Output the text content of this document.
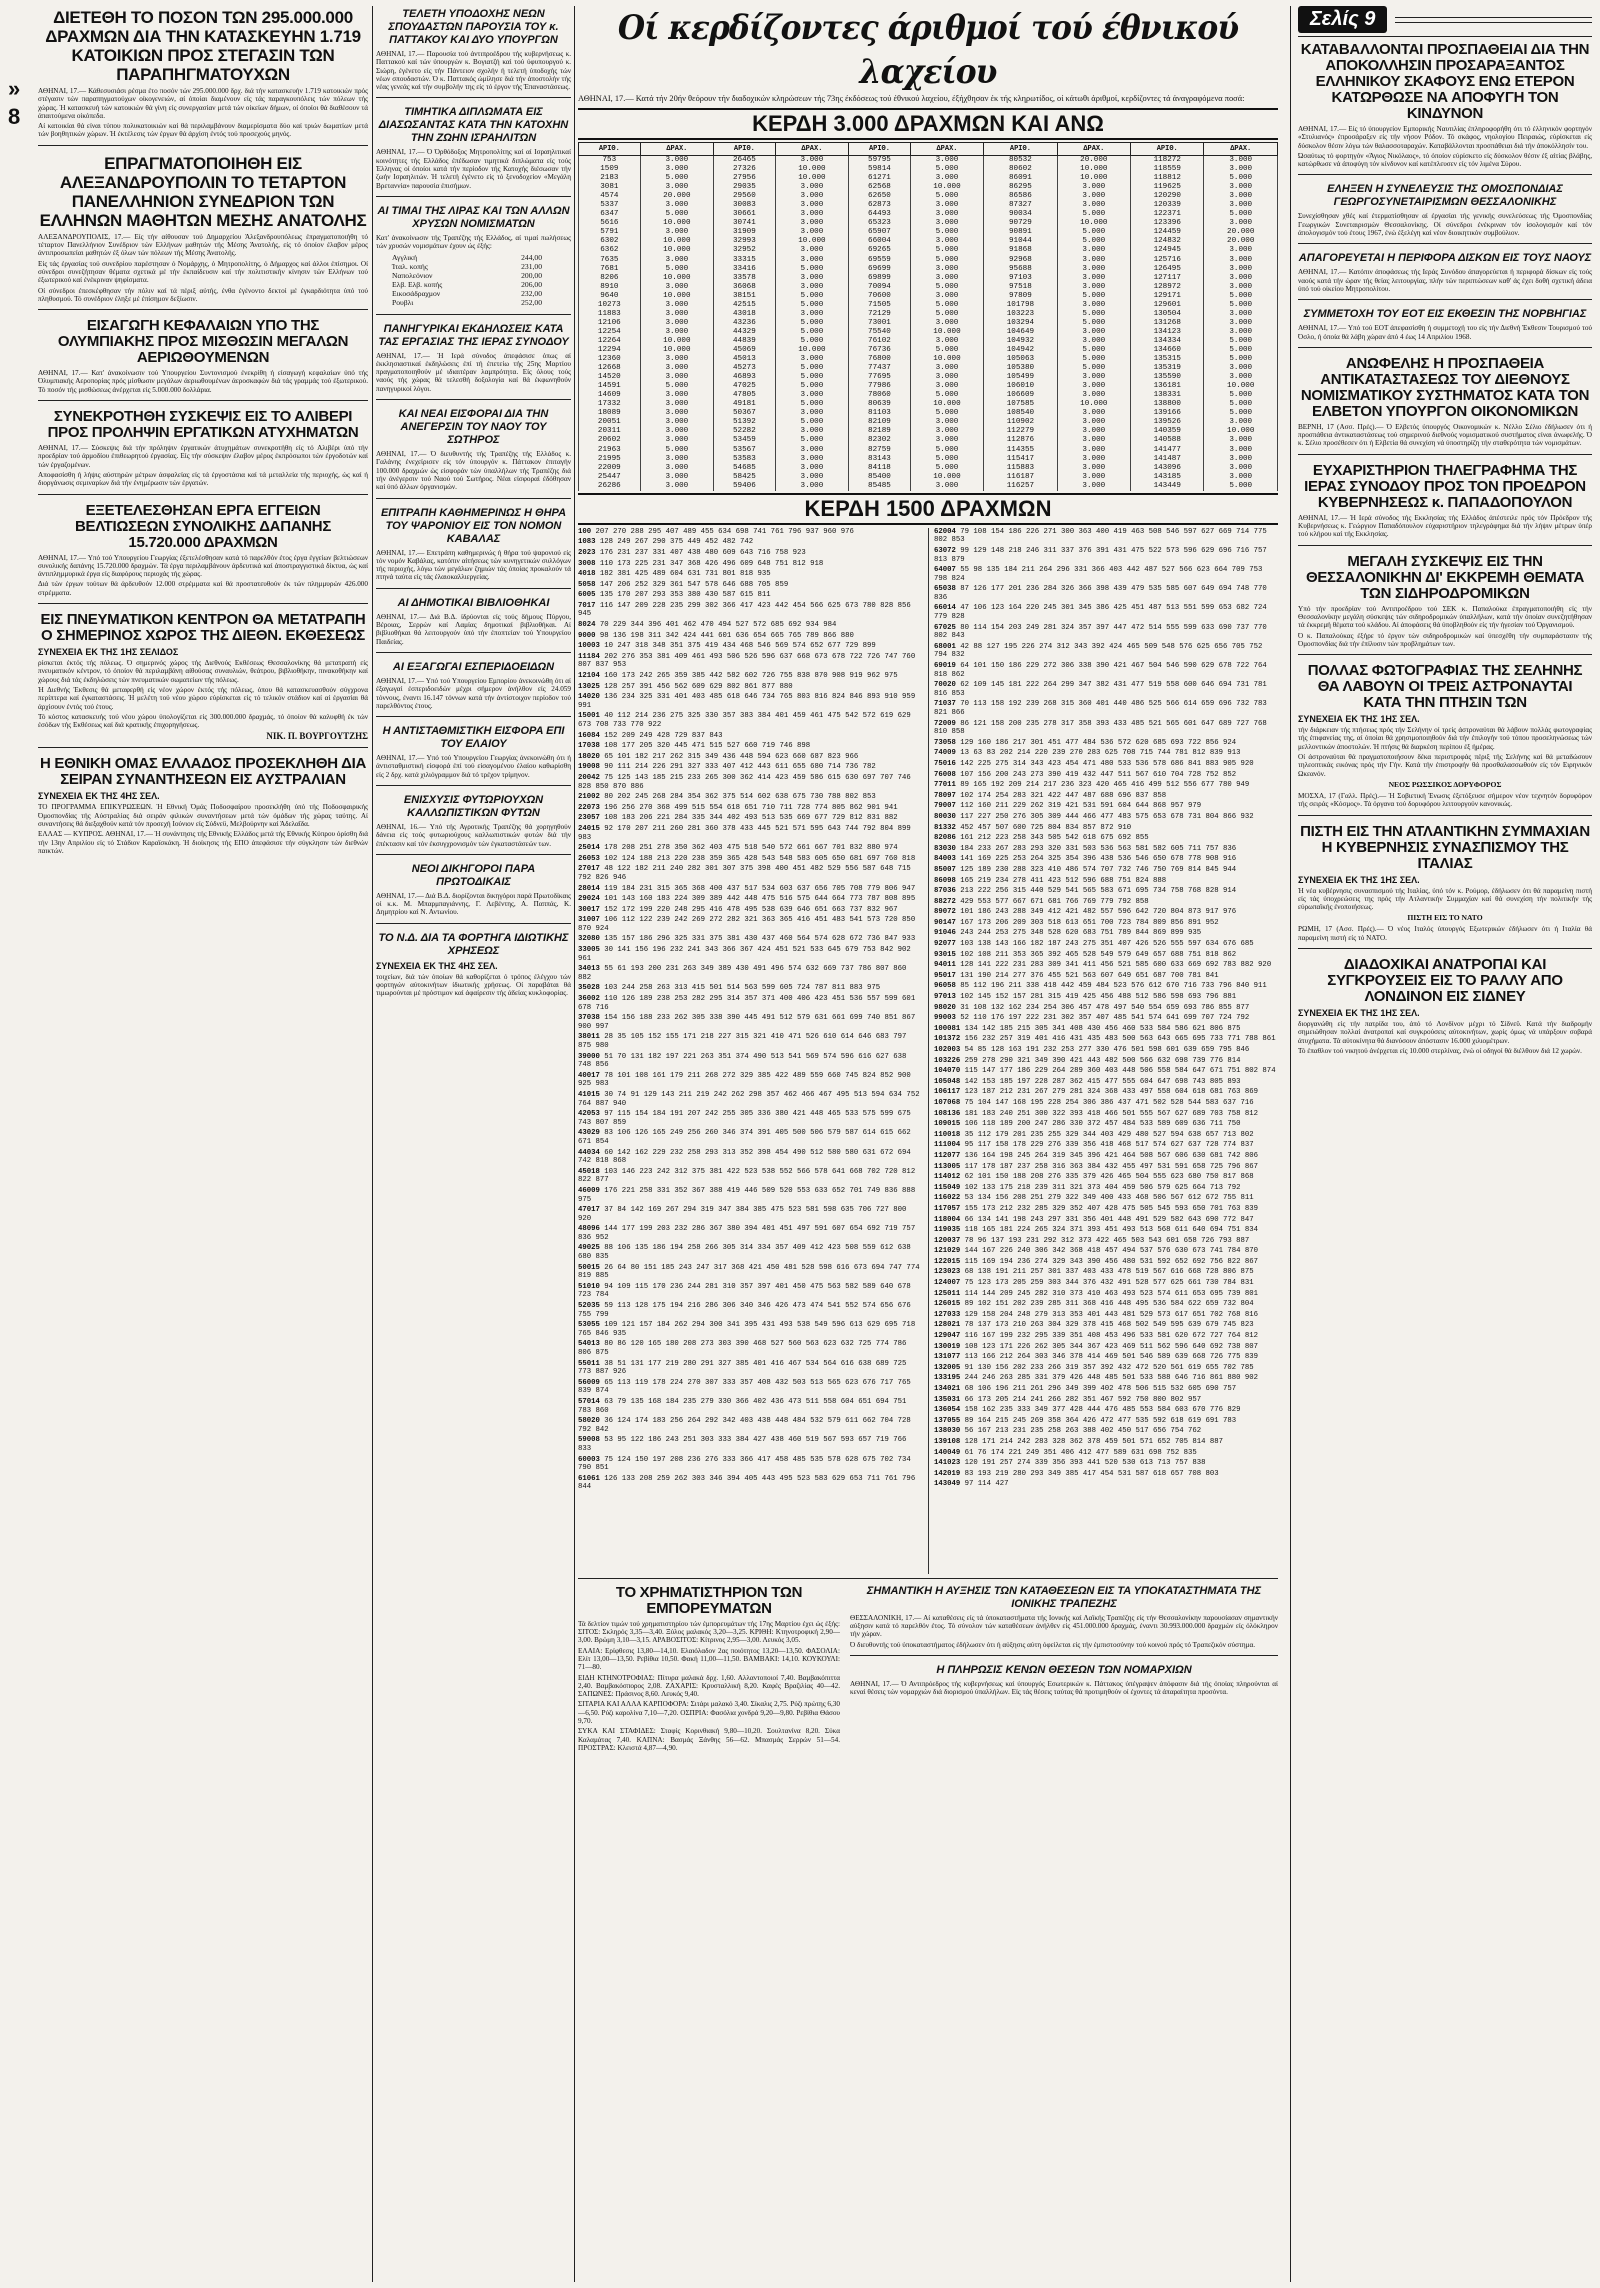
»
8
ΔΙΕΤΕΘΗ ΤΟ ΠΟΣΟΝ ΤΩΝ 295.000.000 ΔΡΑΧΜΩΝ ΔΙΑ ΤΗΝ ΚΑΤΑΣΚΕΥΗΝ 1.719 ΚΑΤΟΙΚΙΩΝ ΠΡΟΣ ΣΤΕΓΑΣΙΝ ΤΩΝ ΠΑΡΑΠΗΓΜΑΤΟΥΧΩΝ

ΑΘΗΝΑΙ, 17.— Κάθεσυσιάσι ρέσμα έτο ποσόν τών 295.000.000 δρχ. διά τήν κατασκευήν 1.719 κατοικιών πρός στέγασιν τών παραπηγματούχων οίκογενειών, αί όποίαι διαμένουν είς τάς παραγκουπόλεις τών πόλεων τής χώρας. Ή κατασκευή τών κατοικιών θά γίνη είς συνεργασίαν μετά τών οίκείων δήμων, οί όποίοι θά διαθέσουν τά άπαιτούμενα οίκόπεδα.

Αί κατοικίαι θά είναι τύπου πολυκατοικιών καί θά περιλαμβάνουν διαμερίσματα δύο καί τριών δωματίων μετά τών βοηθητικών χώρων. Ή έκτέλεσις τών έργων θά άρχίση έντός τού προσεχούς μηνός.

ΕΠΡΑΓΜΑΤΟΠΟΙΗΘΗ ΕΙΣ ΑΛΕΞΑΝΔΡΟΥΠΟΛΙΝ ΤΟ ΤΕΤΑΡΤΟΝ ΠΑΝΕΛΛΗΝΙΟΝ ΣΥΝΕΔΡΙΟΝ ΤΩΝ ΕΛΛΗΝΩΝ ΜΑΘΗΤΩΝ ΜΕΣΗΣ ΑΝΑΤΟΛΗΣ

ΑΛΕΞΑΝΔΡΟΥΠΟΛΙΣ, 17.— Είς τήν αίθουσαν τού Δημαρχείου Άλεξανδρουπόλεως έπραγματοποιήθη τό τέταρτον Πανελλήνιον Συνέδριον τών Ελλήνων μαθητών τής Μέσης Άνατολής, είς τό όποίον έλαβον μέρος άντιπροσωπείαι μαθητών έξ όλων τών πόλεων τής Μέσης Άνατολής.

Είς τάς έργασίας τού συνεδρίου παρέστησαν ό Νομάρχης, ό Μητροπολίτης, ό Δήμαρχος καί άλλοι έπίσημοι. Οί σύνεδροι συνεζήτησαν θέματα σχετικά μέ τήν έκπαίδευσιν καί τήν πολιτιστικήν κίνησιν τών Ελλήνων τού έξωτερικού καί ένέκριναν ψηφίσματα.

Οί σύνεδροι έπεσκέφθησαν τήν πόλιν καί τά πέριξ αύτής, ένθα έγένοντο δεκτοί μέ έγκαρδιότητα ύπό τού πληθυσμού. Τό συνέδριον έληξε μέ έπίσημον δεξίωσιν.

ΕΙΣΑΓΩΓΗ ΚΕΦΑΛΑΙΩΝ ΥΠΟ ΤΗΣ ΟΛΥΜΠΙΑΚΗΣ ΠΡΟΣ ΜΙΣΘΩΣΙΝ ΜΕΓΑΛΩΝ ΑΕΡΙΩΘΟΥΜΕΝΩΝ

ΑΘΗΝΑΙ, 17.— Κατ' άνακοίνωσιν τού Υπουργείου Συντονισμού ένεκρίθη ή είσαγωγή κεφαλαίων ύπό τής Όλυμπιακής Αεροπορίας πρός μίσθωσιν μεγάλων άεριωθουμένων άεροσκαφών διά τάς γραμμάς τού έξωτερικού. Τό ποσόν τής μισθώσεως άνέρχεται είς 5.000.000 δολλάρια.

ΣΥΝΕΚΡΟΤΗΘΗ ΣΥΣΚΕΨΙΣ ΕΙΣ ΤΟ ΑΛΙΒΕΡΙ ΠΡΟΣ ΠΡΟΛΗΨΙΝ ΕΡΓΑΤΙΚΩΝ ΑΤΥΧΗΜΑΤΩΝ

ΑΘΗΝΑΙ, 17.— Σύσκεψις διά τήν πρόληψιν έργατικών άτυχημάτων συνεκροτήθη είς τό Αλιβέρι ύπό τήν προεδρίαν τού άρμοδίου έπιθεωρητού έργασίας. Είς τήν σύσκεψιν έλαβον μέρος έκπρόσωποι τών έργοδοτών καί τών έργαζομένων.

Αποφασίσθη ή λήψις αύστηρών μέτρων άσφαλείας είς τά έργοστάσια καί τά μεταλλεία τής περιοχής, ώς καί ή διοργάνωσις σεμιναρίων διά τήν ένημέρωσιν τών έργατών.

ΕΞΕΤΕΛΕΣΘΗΣΑΝ ΕΡΓΑ ΕΓΓΕΙΩΝ ΒΕΛΤΙΩΣΕΩΝ ΣΥΝΟΛΙΚΗΣ ΔΑΠΑΝΗΣ 15.720.000 ΔΡΑΧΜΩΝ

ΑΘΗΝΑΙ, 17.— Υπό τού Υπουργείου Γεωργίας έξετελέσθησαν κατά τό παρελθόν έτος έργα έγγείων βελτιώσεων συνολικής δαπάνης 15.720.000 δραχμών. Τά έργα περιλαμβάνουν άρδευτικά καί άποστραγγιστικά δίκτυα, ώς καί άντιπλημμυρικά έργα είς διαφόρους περιοχάς τής χώρας.

Διά τών έργων τούτων θά άρδευθούν 12.000 στρέμματα καί θά προστατευθούν έκ τών πλημμυρών 426.000 στρέμματα.

ΕΙΣ ΠΝΕΥΜΑΤΙΚΟΝ ΚΕΝΤΡΟΝ ΘΑ ΜΕΤΑΤΡΑΠΗ Ο ΣΗΜΕΡΙΝΟΣ ΧΩΡΟΣ ΤΗΣ ΔΙΕΘΝ. ΕΚΘΕΣΕΩΣ
ΣΥΝΕΧΕΙΑ ΕΚ ΤΗΣ 1ΗΣ ΣΕΛΙΔΟΣ

ρίσκεται έκτός τής πόλεως. Ό σημερινός χώρος τής Διεθνούς Εκθέσεως Θεσσαλονίκης θά μετατραπή είς πνευματικόν κέντρον, τό όποίον θά περιλαμβάνη αίθούσας συναυλιών, θεάτρου, βιβλιοθήκην, πινακοθήκην καί χώρους διά τάς έκδηλώσεις τών πνευματικών σωματείων τής πόλεως.

Ή Διεθνής Έκθεσις θά μεταφερθή είς νέον χώρον έκτός τής πόλεως, όπου θά κατασκευασθούν σύγχρονα περίπτερα καί έγκαταστάσεις. Ή μελέτη τού νέου χώρου εύρίσκεται είς τό τελικόν στάδιον καί αί έργασίαι θά άρχίσουν έντός τού έτους.

Τό κόστος κατασκευής τού νέου χώρου ύπολογίζεται είς 300.000.000 δραχμάς, τό όποίον θά καλυφθή έκ τών έσόδων τής Εκθέσεως καί διά κρατικής έπιχορηγήσεως.

ΝΙΚ. Π. ΒΟΥΡΓΟΥΤΖΗΣ
Η ΕΘΝΙΚΗ ΟΜΑΣ ΕΛΛΑΔΟΣ ΠΡΟΣΕΚΛΗΘΗ ΔΙΑ ΣΕΙΡΑΝ ΣΥΝΑΝΤΗΣΕΩΝ ΕΙΣ ΑΥΣΤΡΑΛΙΑΝ
ΣΥΝΕΧΕΙΑ ΕΚ ΤΗΣ 4ΗΣ ΣΕΛ.

ΤΟ ΠΡΟΓΡΑΜΜΑ ΕΠΙΚΥΡΩΣΕΩΝ. Ή Εθνική Όμάς Ποδοσφαίρου προσεκλήθη ύπό τής Ποδοσφαιρικής Όμοσπονδίας τής Αύστραλίας διά σειράν φιλικών συναντήσεων μετά τών όμάδων τής χώρας ταύτης. Αί συναντήσεις θά διεξαχθούν κατά τόν προσεχή Ιούνιον είς Σύδνεϋ, Μελβούρνην καί Άδελαΐδα.

ΕΛΛΑΣ — ΚΥΠΡΟΣ. ΑΘΗΝΑΙ, 17.— Ή συνάντησις τής Εθνικής Ελλάδος μετά τής Εθνικής Κύπρου όρίσθη διά τήν 13ην Απριλίου είς τό Στάδιον Καραϊσκάκη. Ή διοίκησις τής ΕΠΟ άπεφάσισε τήν σύγκλησιν τών διεθνών παικτών.

ΤΕΛΕΤΗ ΥΠΟΔΟΧΗΣ ΝΕΩΝ ΣΠΟΥΔΑΣΤΩΝ ΠΑΡΟΥΣΙΑ ΤΟΥ κ. ΠΑΤΤΑΚΟΥ ΚΑΙ ΔΥΟ ΥΠΟΥΡΓΩΝ

ΑΘΗΝΑΙ, 17.— Παρουσία τού άντιπροέδρου τής κυβερνήσεως κ. Παττακού καί τών ύπουργών κ. Βογιατζή καί τού ύφυπουργού κ. Σιώρη, έγένετο είς τήν Πάντειον σχολήν ή τελετή ύποδοχής τών νέων σπουδαστών. Ό κ. Παττακός ώμίλησε διά τήν άποστολήν τής νέας γενεάς καί τήν συμβολήν της είς τό έργον τής Έπαναστάσεως.

ΤΙΜΗΤΙΚΑ ΔΙΠΛΩΜΑΤΑ ΕΙΣ ΔΙΑΣΩΣΑΝΤΑΣ ΚΑΤΑ ΤΗΝ ΚΑΤΟΧΗΝ ΤΗΝ ΖΩΗΝ ΙΣΡΑΗΛΙΤΩΝ

ΑΘΗΝΑΙ, 17.— Ό Όρθόδοξος Μητροπολίτης καί αί Ισραηλιτικαί κοινότητες τής Ελλάδος έπέδωσαν τιμητικά διπλώματα είς τούς Έλληνας οί όποίοι κατά τήν περίοδον τής Κατοχής διέσωσαν τήν ζωήν Ισραηλιτών. Ή τελετή έγένετο είς τό ξενοδοχείον «Μεγάλη Βρεταννία» παρουσία έπισήμων.

ΑΙ ΤΙΜΑΙ ΤΗΣ ΛΙΡΑΣ ΚΑΙ ΤΩΝ ΑΛΛΩΝ ΧΡΥΣΩΝ ΝΟΜΙΣΜΑΤΩΝ

Κατ' άνακοίνωσιν τής Τραπέζης τής Ελλάδος, αί τιμαί πωλήσεως τών χρυσών νομισμάτων έχουν ώς έξής:

Αγγλική	244,00
Ίταλ. κοπής	231,00
Ναπολεόνιον	200,00
Ελβ. Ελβ. κοπής	206,00
Εικοσάδραχμον	232,00
Ρουβλι	252,00
ΠΑΝΗΓΥΡΙΚΑΙ ΕΚΔΗΛΩΣΕΙΣ ΚΑΤΑ ΤΑΣ ΕΡΓΑΣΙΑΣ ΤΗΣ ΙΕΡΑΣ ΣΥΝΟΔΟΥ

ΑΘΗΝΑΙ, 17.— Ή Ιερά σύνοδος άπεφάσισε όπως αί έκκλησιαστικαί έκδηλώσεις έπί τή έπετείω τής 25ης Μαρτίου πραγματοποιηθούν μέ ιδιαιτέραν λαμπρότητα. Είς όλους τούς ναούς τής χώρας θά τελεσθή δοξολογία καί θά έκφωνηθούν πανηγυρικοί λόγοι.

ΚΑΙ ΝΕΑΙ ΕΙΣΦΟΡΑΙ ΔΙΑ ΤΗΝ ΑΝΕΓΕΡΣΙΝ ΤΟΥ ΝΑΟΥ ΤΟΥ ΣΩΤΗΡΟΣ

ΑΘΗΝΑΙ, 17.— Ό διευθυντής τής Τραπέζης τής Ελλάδος κ. Γαλάνης ένεχείρισεν είς τόν ύπουργόν κ. Πάττακον έπιταγήν 100.000 δραχμών ώς είσφοράν τών ύπαλλήλων τής Τραπέζης διά τήν άνέγερσιν τού Ναού τού Σωτήρος. Νέαι είσφοραί έδόθησαν καί ύπό άλλων όργανισμών.

ΕΠΙΤΡΑΠΗ ΚΑΘΗΜΕΡΙΝΩΣ Η ΘΗΡΑ ΤΟΥ ΨΑΡΟΝΙΟΥ ΕΙΣ ΤΟΝ ΝΟΜΟΝ ΚΑΒΑΛΑΣ

ΑΘΗΝΑΙ, 17.— Επετράπη καθημερινώς ή θήρα τού ψαρονιού είς τόν νομόν Καβάλας, κατόπιν αίτήσεως τών κυνηγετικών συλλόγων τής περιοχής, λόγω τών μεγάλων ζημιών τάς όποίας προκαλούν τά πτηνά ταύτα είς τάς έλαιοκαλλιεργείας.

ΑΙ ΔΗΜΟΤΙΚΑΙ ΒΙΒΛΙΟΘΗΚΑΙ

ΑΘΗΝΑΙ, 17.— Διά Β.Δ. ίδρύονται είς τούς δήμους Πύργου, Βέροιας, Σερρών καί Λαμίας δημοτικαί βιβλιοθήκαι. Αί βιβλιοθήκαι θά λειτουργούν ύπό τήν έποπτείαν τού Υπουργείου Παιδείας.

ΑΙ ΕΞΑΓΩΓΑΙ ΕΣΠΕΡΙΔΟΕΙΔΩΝ

ΑΘΗΝΑΙ, 17.— Υπό τού Υπουργείου Εμπορίου άνεκοινώθη ότι αί έξαγωγαί έσπεριδοειδών μέχρι σήμερον άνήλθον είς 24.059 τόννους, έναντι 16.147 τόννων κατά τήν άντίστοιχον περίοδον τού παρελθόντος έτους.

Η ΑΝΤΙΣΤΑΘΜΙΣΤΙΚΗ ΕΙΣΦΟΡΑ ΕΠΙ ΤΟΥ ΕΛΑΙΟΥ

ΑΘΗΝΑΙ, 17.— Υπό τού Υπουργείου Γεωργίας άνεκοινώθη ότι ή άντισταθμιστική είσφορά έπί τού είσαγομένου έλαίου καθωρίσθη είς 2 δρχ. κατά χιλιόγραμμον διά τό τρέχον τρίμηνον.

ΕΝΙΣΧΥΣΙΣ ΦΥΤΩΡΙΟΥΧΩΝ ΚΑΛΛΩΠΙΣΤΙΚΩΝ ΦΥΤΩΝ

ΑΘΗΝΑΙ, 16.— Υπό τής Αγροτικής Τραπέζης θά χορηγηθούν δάνεια είς τούς φυτωριούχους καλλωπιστικών φυτών διά τήν έπέκτασιν καί τόν έκσυγχρονισμόν τών έγκαταστάσεών των.

ΝΕΟΙ ΔΙΚΗΓΟΡΟΙ ΠΑΡΑ ΠΡΩΤΟΔΙΚΑΙΣ

ΑΘΗΝΑΙ, 17.— Διά Β.Δ. διορίζονται δικηγόροι παρά Πρωτοδίκαις οί κ.κ. Μ. Μπαρμπαγιάννης, Γ. Λεβέντης, Α. Παππάς, Κ. Δημητρίου καί Ν. Αντωνίου.

ΤΟ Ν.Δ. ΔΙΑ ΤΑ ΦΟΡΤΗΓΑ ΙΔΙΩΤΙΚΗΣ ΧΡΗΣΕΩΣ
ΣΥΝΕΧΕΙΑ ΕΚ ΤΗΣ 4ΗΣ ΣΕΛ.

τοιχείων, διά τών όποίων θά καθορίζεται ό τρόπος έλέγχου τών φορτηγών αύτοκινήτων ίδιωτικής χρήσεως. Οί παραβάται θά τιμωρούνται μέ πρόστιμον καί άφαίρεσιν τής άδείας κυκλοφορίας.

Οί κερδίζοντες άριθμοί τού έθνικού λαχείου
ΑΘΗΝΑΙ, 17.— Κατά τήν 20ήν θεόρουν τήν διαδοχικών κληρώσεων τής 73ης έκδόσεως τού έθνικού λαχείου, έξήχθησαν έκ τής κληρωτίδος, οί κάτωθι άριθμοί, κερδίζοντες τά άναγραφόμενα ποσά:
ΚΕΡΔΗ 3.000 ΔΡΑΧΜΩΝ ΚΑΙ ΑΝΩ
ΑΡΙΘ.	ΔΡΑΧ.	ΑΡΙΘ.	ΔΡΑΧ.	ΑΡΙΘ.	ΔΡΑΧ.	ΑΡΙΘ.	ΔΡΑΧ.	ΑΡΙΘ.	ΔΡΑΧ.
753	3.000	26465	3.000	59795	3.000	80532	20.000	118272	3.000
1509	3.000	27326	10.000	59814	5.000	80602	10.000	118559	3.000
2183	5.000	27956	10.000	61271	3.000	86091	10.000	118812	5.000
3081	3.000	29035	3.000	62568	10.000	86295	3.000	119625	3.000
4574	20.000	29560	3.000	62650	5.000	86586	3.000	120290	3.000
5337	3.000	30083	3.000	62873	3.000	87327	3.000	120339	3.000
6347	5.000	30661	3.000	64493	3.000	90034	5.000	122371	5.000
5616	10.000	30741	3.000	65323	3.000	90729	10.000	123396	3.000
5791	3.000	31909	3.000	65907	5.000	90891	5.000	124459	20.000
6302	10.000	32993	10.000	66004	3.000	91044	5.000	124832	20.000
6362	10.000	32952	3.000	69265	5.000	91868	3.000	124945	3.000
7635	3.000	33315	3.000	69559	5.000	92968	3.000	125716	3.000
7681	5.000	33416	5.000	69699	3.000	95688	3.000	126495	3.000
8206	10.000	33578	3.000	69899	3.000	97103	3.000	127117	3.000
8910	3.000	36068	3.000	70094	5.000	97518	3.000	128972	3.000
9640	10.000	38151	5.000	70600	3.000	97809	5.000	129171	5.000
10273	3.000	42515	5.000	71505	5.000	101798	3.000	129601	5.000
11883	3.000	43018	3.000	72129	5.000	103223	5.000	130504	3.000
12106	3.000	43236	5.000	73001	3.000	103294	5.000	131268	3.000
12254	3.000	44329	5.000	75540	10.000	104649	3.000	134123	3.000
12264	10.000	44839	5.000	76102	3.000	104932	3.000	134334	5.000
12294	10.000	45069	10.000	76736	5.000	104942	5.000	134660	5.000
12360	3.000	45013	3.000	76800	10.000	105063	5.000	135315	5.000
12668	3.000	45273	5.000	77437	3.000	105380	5.000	135319	3.000
14520	3.000	46893	5.000	77695	3.000	105499	3.000	135590	3.000
14591	5.000	47025	5.000	77986	3.000	106010	3.000	136181	10.000
14609	3.000	47805	3.000	78060	5.000	106609	3.000	138331	5.000
17332	3.000	49181	5.000	80639	10.000	107585	10.000	138800	5.000
18089	3.000	50367	3.000	81103	5.000	108540	3.000	139166	5.000
20051	3.000	51392	5.000	82109	3.000	110902	3.000	139526	3.000
20311	3.000	52282	3.000	82189	3.000	112279	3.000	140359	10.000
20602	3.000	53459	5.000	82302	3.000	112876	3.000	140588	3.000
21963	5.000	53567	3.000	82759	5.000	114355	3.000	141477	3.000
21995	3.000	53583	3.000	83143	5.000	115417	3.000	141487	3.000
22009	3.000	54685	3.000	84118	5.000	115883	3.000	143096	3.000
25447	3.000	58425	3.000	85400	10.000	116187	3.000	143185	3.000
26286	3.000	59406	3.000	85485	3.000	116257	3.000	143449	5.000
ΚΕΡΔΗ 1500 ΔΡΑΧΜΩΝ
100 207 270 288 295 407 489 455 634 698 741 761 796 937 960 976
1083 128 249 267 290 375 449 452 482 742
2023 176 231 237 331 407 438 480 609 643 716 758 923
3008 110 173 225 231 347 368 426 496 609 648 751 812 918
4018 182 381 425 489 604 631 731 801 818 935
5058 147 206 252 329 361 547 578 646 688 705 859
6005 135 170 207 293 353 380 430 587 615 811
7017 116 147 209 228 235 299 302 366 417 423 442 454 566 625 673 780 828 856 945
8024 70 229 344 396 401 462 470 494 527 572 685 692 934 984
9000 98 136 198 311 342 424 441 601 636 654 665 765 789 866 880
10003 10 247 318 348 351 375 419 434 468 546 569 574 652 677 729 899
11184 202 276 353 381 409 461 493 506 526 596 637 668 673 678 722 726 747 760 807 837 953
12104 160 173 242 265 359 385 442 582 602 726 755 838 870 908 919 962 975
13025 128 257 391 456 562 609 629 802 861 877 880
14020 136 234 325 331 401 403 485 618 646 734 765 803 816 824 846 893 910 959 991
15001 40 112 214 236 275 325 330 357 383 384 401 459 461 475 542 572 619 629 673 708 733 770 922
16084 152 209 249 428 729 837 843
17038 108 177 205 320 445 471 515 527 660 719 746 898
18020 65 101 182 217 262 315 349 436 448 594 623 660 687 823 966
19008 90 111 214 226 291 327 333 407 412 443 611 655 680 714 736 782
20042 75 125 143 185 215 233 265 300 362 414 423 459 586 615 630 697 707 746 828 850 870 886
21002 80 202 245 268 284 354 362 375 514 602 638 675 730 788 802 853
22073 196 256 270 368 499 515 554 618 651 710 711 728 774 805 862 901 941
23057 108 183 206 221 284 335 344 402 493 513 535 669 677 729 812 831 882
24015 92 170 207 211 260 281 360 378 433 445 521 571 595 643 744 792 804 899 983
25014 178 208 251 278 350 362 403 475 518 540 572 661 667 701 832 880 974
26053 102 124 188 213 220 238 359 365 428 543 548 583 605 650 681 697 760 818
27017 48 122 182 211 240 282 301 307 375 398 400 451 482 529 556 587 648 715 792 826 946
28014 119 184 231 315 365 368 400 437 517 534 603 637 656 705 708 779 806 947
29024 101 143 160 183 224 309 389 442 448 475 516 575 644 664 773 787 808 895
30017 152 172 199 220 248 295 416 478 495 538 639 646 651 663 737 832 967
31007 106 112 122 239 242 269 272 282 321 363 365 416 451 483 541 573 720 850 870 924
32080 135 157 186 296 325 331 375 381 430 437 460 564 574 628 672 736 847 933
33005 30 141 156 196 232 241 343 366 367 424 451 521 533 645 679 753 842 902 961
34013 55 61 193 200 231 263 349 389 430 491 496 574 632 669 737 786 807 860 882
35028 103 244 258 263 313 415 501 514 563 599 605 724 787 811 883 975
36002 110 126 189 238 253 282 295 314 357 371 400 406 423 451 536 557 599 601 678 716
37038 154 156 188 233 262 305 338 390 445 491 512 579 631 661 699 740 851 867 900 997
38011 28 35 105 152 155 171 218 227 315 321 410 471 526 610 614 646 683 797 875 980
39000 51 70 131 182 197 221 263 351 374 490 513 541 569 574 596 616 627 638 748 856
40017 78 101 108 161 179 211 268 272 329 385 422 489 559 660 745 824 852 900 925 983
41015 30 74 91 129 143 211 219 242 262 298 357 462 466 467 495 513 594 634 752 764 887 940
42053 97 115 154 184 191 207 242 255 305 336 380 421 448 465 533 575 599 675 743 807 859
43029 83 106 126 165 249 256 260 346 374 391 405 500 506 579 587 614 615 662 671 854
44034 60 142 162 229 232 258 293 313 352 398 454 490 512 580 580 631 672 694 742 818 868
45018 103 146 223 242 312 375 381 422 523 538 552 566 578 641 668 702 720 812 822 877
46009 176 221 258 331 352 367 388 419 446 509 520 553 633 652 701 749 836 888 975
47017 37 84 142 169 267 294 319 347 384 385 475 523 581 598 635 706 727 800 920
48096 144 177 199 203 232 286 367 380 394 401 451 497 591 607 654 692 719 757 836 952
49025 88 106 135 186 194 258 266 305 314 334 357 409 412 423 508 559 612 638 680 835
50015 26 64 80 151 185 243 247 317 368 421 450 481 528 598 616 673 694 747 774 819 885
51010 94 109 115 170 236 244 281 310 357 397 401 450 475 563 582 589 640 678 723 784
52035 59 113 128 175 194 216 286 306 340 346 426 473 474 541 552 574 656 676 755 799
53055 109 121 157 184 262 294 300 341 395 431 493 538 549 596 613 629 695 718 765 846 935
54013 80 86 120 165 180 208 273 303 390 468 527 560 563 623 632 725 774 786 806 875
55011 38 51 131 177 219 280 291 327 385 401 416 467 534 564 616 638 689 725 773 887 926
56009 65 113 119 178 224 270 307 333 357 408 432 503 513 565 623 676 717 765 839 874
57014 63 79 135 168 184 235 279 330 366 402 436 473 511 558 604 651 694 751 783 860
58020 36 124 174 183 256 264 292 342 403 438 448 484 532 579 611 662 704 728 792 842
59008 53 95 122 186 243 251 303 333 384 427 438 460 519 567 593 657 719 766 833
60003 75 124 150 197 208 236 276 333 366 417 458 485 535 578 628 675 702 734 790 851
61061 126 133 208 259 262 303 346 394 405 443 495 523 583 629 653 711 761 796 844
62004 79 108 154 186 226 271 300 363 400 419 463 508 546 597 627 669 714 775 802 853
63072 99 129 148 218 246 311 337 376 391 431 475 522 573 596 629 696 716 757 813 879
64007 55 98 135 184 211 264 296 331 366 403 442 487 527 566 623 664 709 753 798 824
65038 87 126 177 201 236 284 326 366 398 439 479 535 585 607 649 694 748 770 836
66014 47 106 123 164 220 245 301 345 386 425 451 487 513 551 599 653 682 724 779 828
67025 80 114 154 203 249 281 324 357 397 447 472 514 555 599 633 690 737 770 802 843
68001 42 88 127 195 226 274 312 343 392 424 465 509 548 576 625 656 705 752 794 832
69019 64 101 150 186 229 272 306 338 390 421 467 504 546 590 629 678 722 764 818 862
70020 62 109 145 181 222 264 299 347 382 431 477 519 558 600 646 694 731 781 816 853
71037 70 113 158 192 239 268 315 360 401 440 486 525 566 614 659 696 732 783 821 866
72009 86 121 158 200 235 278 317 358 393 433 485 521 565 601 647 689 727 768 810 858
73058 129 160 186 217 301 451 477 484 536 572 620 685 693 722 856 924
74009 13 63 83 202 214 220 239 270 283 625 708 715 744 781 812 839 913
75016 142 225 275 314 343 423 454 471 480 533 536 578 686 841 883 905 920
76008 107 156 200 243 273 390 419 432 447 511 567 610 704 728 752 852
77011 89 165 192 209 214 217 236 323 420 465 416 499 512 556 677 780 949
78097 102 174 254 283 321 422 447 487 688 696 837 858
79007 112 160 211 229 262 319 421 531 591 604 644 868 957 979
80030 117 227 250 276 305 309 444 466 477 483 575 653 678 731 804 866 932
81332 452 457 507 600 725 804 834 857 872 910
82086 161 212 223 258 343 505 542 618 675 692 855
83030 184 233 267 283 293 320 331 503 536 563 581 582 605 711 757 836
84003 141 169 225 253 264 325 354 396 438 536 546 650 678 778 908 916
85007 125 189 230 288 323 410 486 574 707 732 746 750 769 814 845 944
86098 165 219 234 278 411 423 512 596 688 751 824 888
87036 213 222 256 315 440 529 541 565 583 671 695 734 758 768 828 914
88272 429 553 577 667 671 681 766 769 779 792 858
89072 101 186 243 288 349 412 421 482 557 596 642 720 804 873 917 976
90147 167 173 206 209 303 518 613 651 700 723 784 809 856 891 952
91046 243 244 253 275 348 528 620 683 751 789 844 869 899 935
92077 103 138 143 166 182 187 243 275 351 407 426 526 555 597 634 676 685
93015 102 108 211 353 365 392 465 528 549 579 649 657 688 751 818 862
94011 128 141 222 231 283 309 341 411 456 521 585 600 633 669 692 783 882 920
95017 131 190 214 277 376 455 521 563 607 649 651 687 700 781 841
96058 85 112 196 211 338 418 442 459 484 523 576 612 670 716 733 796 840 911
97013 102 145 152 157 281 315 419 425 456 488 512 586 598 693 796 881
98020 31 108 132 162 234 254 306 457 478 497 540 554 659 693 786 855 877
99003 52 110 176 197 222 231 302 357 407 485 541 574 641 699 707 724 792
100081 134 142 185 215 305 341 408 430 456 460 533 584 586 621 806 875
101372 156 232 257 319 401 416 431 435 483 500 563 643 665 695 733 771 788 861
102003 54 85 128 163 191 232 253 277 330 476 501 598 601 639 659 795 846
103226 259 278 290 321 349 390 421 443 482 500 566 632 698 739 776 814
104070 115 147 177 186 229 264 289 360 403 448 506 558 584 647 671 751 802 874
105048 142 153 185 197 228 287 362 415 477 555 604 647 698 743 805 893
106117 123 187 212 231 267 279 281 324 368 433 497 558 604 618 681 763 869
107068 75 104 147 168 195 228 254 306 386 437 471 502 528 544 583 637 716
108136 181 183 240 251 300 322 393 418 466 501 555 567 627 689 703 758 812
109015 106 118 189 200 247 286 330 372 457 484 533 589 609 636 711 750
110018 35 112 179 201 235 255 329 344 403 429 480 527 594 638 657 713 802
111004 95 117 158 178 229 276 339 356 418 468 517 574 627 637 728 774 837
112077 136 164 198 245 264 319 345 396 421 464 508 567 606 630 681 742 806
113005 117 178 187 237 258 316 363 384 432 455 497 531 591 658 725 796 867
114012 62 101 150 188 208 276 335 379 426 465 504 555 623 680 750 817 868
115049 102 133 175 218 239 311 321 373 404 459 506 579 625 664 713 792
116022 53 134 156 208 251 279 322 349 400 433 468 506 567 612 672 755 811
117057 155 173 212 232 285 329 352 407 428 475 505 545 593 650 701 763 839
118004 66 134 141 198 243 297 331 356 401 448 491 529 582 643 690 772 847
119035 118 165 181 224 265 324 371 393 451 493 513 568 611 640 694 751 834
120037 78 96 137 193 231 292 312 373 422 465 503 543 601 658 726 793 887
121029 144 167 226 240 306 342 368 418 457 494 537 576 630 673 741 784 870
122015 115 169 194 236 274 329 343 390 456 480 531 592 652 692 756 822 867
123023 68 138 191 211 257 301 337 403 433 478 519 567 616 668 728 806 875
124007 75 123 173 205 259 303 344 376 432 491 528 577 625 661 730 784 831
125011 114 144 209 245 282 310 373 410 463 493 523 574 611 653 695 739 801
126015 89 102 151 202 239 285 311 368 416 448 495 536 584 622 659 732 804
127033 129 158 204 248 279 313 353 401 443 481 529 573 617 651 702 768 816
128021 78 137 173 210 263 304 329 378 415 468 502 549 595 639 679 745 823
129047 116 167 199 232 295 339 351 408 453 496 533 581 620 672 727 764 812
130019 108 123 171 226 262 305 344 367 423 469 511 562 596 640 692 738 807
131077 113 166 212 264 303 346 378 414 469 501 546 589 639 668 726 775 839
132005 91 130 156 202 233 266 319 357 392 432 472 520 561 619 655 702 785
133195 244 246 263 285 331 379 426 448 485 501 533 588 646 716 861 880 902
134021 68 106 196 211 261 296 349 399 402 478 506 515 532 605 690 757
135031 66 173 205 214 241 266 282 351 467 592 750 800 802 957
136054 158 162 235 333 349 377 428 444 476 485 553 584 603 670 776 829
137055 89 164 215 245 269 358 364 426 472 477 535 592 618 619 691 783
138030 56 167 213 231 235 258 263 388 402 450 517 656 754 762
139108 128 171 214 242 283 328 362 378 459 501 571 652 705 814 887
140049 61 76 174 221 249 351 406 412 477 589 631 698 752 835
141023 120 191 257 274 339 356 393 441 520 530 613 713 757 838
142019 83 193 219 280 293 349 385 417 454 531 587 618 657 708 803
143049 97 114 427
ΤΟ ΧΡΗΜΑΤΙΣΤΗΡΙΟΝ ΤΩΝ ΕΜΠΟΡΕΥΜΑΤΩΝ

Τά δελτίον τιμών τού χρηματιστηρίου τών έμπορευμάτων τής 17ης Μαρτίου έχει ώς έξής: ΣΙΤΟΣ: Σκληρός 3,35—3,40. Ξύλος μαλακός 3,20—3,25. ΚΡΙΘΗ: Κτηνοτροφική 2,90—3,00. Βρώμη 3,10—3,15. ΑΡΑΒΟΣΙΤΟΣ: Κίτρινος 2,95—3,00. Λευκός 3,05.

ΕΛΑΙΑ: Ερίφθεσις 13,80—14,10. Ελαιόλαδον 2ας ποιότητος 13,20—13,50. ΦΑΣΟΛΙΑ: Ελίτ 13,00—13,50. Ρεβίθια 10,50. Φακή 11,00—11,50. ΒΑΜΒΑΚΙ: 14,10. ΚΟΥΚΟΥΛΙ: 71—80.

ΕΙΔΗ ΚΤΗΝΟΤΡΟΦΙΑΣ: Πίτυρα μαλακά δρχ. 1,60. Αλλαντοποιοί 7,40. Βαμβακόπιττα 2,40. Βαμβακόσπορος 2,08. ΖΑΧΑΡΙΣ: Κρυσταλλική 8,20. Καφές Βραζιλίας 40—42. ΣΑΠΩΝΕΣ: Πράσινος 8,60. Λευκός 9,40.

ΣΙΤΑΡΙΑ ΚΑΙ ΑΛΛΑ ΚΑΡΠΟΦΟΡΑ: Σιτάρι μαλακό 3,40. Σίκαλις 2,75. Ρύζι πρώτης 6,30—6,50. Ρύζι καρολίνα 7,10—7,20. ΟΣΠΡΙΑ: Φασόλια χονδρά 9,20—9,80. Ρεβίθια Θάσου 9,70.

ΣΥΚΑ ΚΑΙ ΣΤΑΦΙΔΕΣ: Σταφίς Κορινθιακή 9,80—10,20. Σουλτανίνα 8,20. Σύκα Καλαμάτας 7,40. ΚΑΠΝΑ: Βασμάς Ξάνθης 56—62. Μπασμάς Σερρών 51—54. ΠΡΟΣΤΡΑΣ: Κλειστά 4,87—4,90.

ΣΗΜΑΝΤΙΚΗ Η ΑΥΞΗΣΙΣ ΤΩΝ ΚΑΤΑΘΕΣΕΩΝ ΕΙΣ ΤΑ ΥΠΟΚΑΤΑΣΤΗΜΑΤΑ ΤΗΣ ΙΟΝΙΚΗΣ ΤΡΑΠΕΖΗΣ

ΘΕΣΣΑΛΟΝΙΚΗ, 17.— Αί καταθέσεις είς τά ύποκαταστήματα τής Ιονικής καί Λαϊκής Τραπέζης είς τήν Θεσσαλονίκην παρουσίασαν σημαντικήν αύξησιν κατά τό παρελθόν έτος. Τό σύνολον τών καταθέσεων άνήλθεν είς 451.000.000 δραχμάς, έναντι 30.993.000.000 δραχμών είς όλόκληρον τήν χώραν.

Ό διευθυντής τού ύποκαταστήματος έδήλωσεν ότι ή αύξησις αύτη όφείλεται είς τήν έμπιστοσύνην τού κοινού πρός τό Τραπεζικόν σύστημα.

Η ΠΛΗΡΩΣΙΣ ΚΕΝΩΝ ΘΕΣΕΩΝ ΤΩΝ ΝΟΜΑΡΧΙΩΝ

ΑΘΗΝΑΙ, 17.— Ό Αντιπρόεδρος τής κυβερνήσεως καί ύπουργός Εσωτερικών κ. Πάττακος ύπέγραψεν άπόφασιν διά τής όποίας πληρούνται αί κεναί θέσεις τών νομαρχιών διά διορισμού ύπαλλήλων. Είς τάς θέσεις ταύτας θά προτιμηθούν οί έχοντες τά άπαραίτητα προσόντα.

Σελίς 9
ΚΑΤΑΒΑΛΛΟΝΤΑΙ ΠΡΟΣΠΑΘΕΙΑΙ ΔΙΑ ΤΗΝ ΑΠΟΚΟΛΛΗΣΙΝ ΠΡΟΣΑΡΑΞΑΝΤΟΣ ΕΛΛΗΝΙΚΟΥ ΣΚΑΦΟΥΣ ΕΝΩ ΕΤΕΡΟΝ ΚΑΤΩΡΘΩΣΕ ΝΑ ΑΠΟΦΥΓΗ ΤΟΝ ΚΙΝΔΥΝΟΝ

ΑΘΗΝΑΙ, 17.— Είς τό ύπουργείον Εμπορικής Ναυτιλίας έπληροφορήθη ότι τό έλληνικόν φορτηγόν «Στυλιανός» έπροσάραξεν είς τήν νήσον Ρόδον. Τό σκάφος, νηολογίου Πειραιώς, εύρίσκεται είς δύσκολον θέσιν λόγω τών θαλασσοταραχών. Καταβάλλονται προσπάθειαι διά τήν άποκόλλησίν του.

Ώσαύτως τό φορτηγόν «Άγιος Νικόλαος», τό όποίον εύρίσκετο είς δύσκολον θέσιν έξ αίτίας βλάβης, κατώρθωσε νά άποφύγη τόν κίνδυνον καί κατέπλευσεν είς τόν λιμένα Σύρου.

ΕΛΗΞΕΝ Η ΣΥΝΕΛΕΥΣΙΣ ΤΗΣ ΟΜΟΣΠΟΝΔΙΑΣ ΓΕΩΡΓΟΣΥΝΕΤΑΙΡΙΣΜΩΝ ΘΕΣΣΑΛΟΝΙΚΗΣ

Συνεχίσθησαν χθές καί έτερματίσθησαν αί έργασίαι τής γενικής συνελεύσεως τής Όμοσπονδίας Γεωργικών Συνεταιρισμών Θεσσαλονίκης. Οί σύνεδροι ένέκριναν τόν ίσολογισμόν καί τόν άπολογισμόν τού έτους 1967, ένώ έξελέγη καί νέον διοικητικόν συμβούλιον.

ΑΠΑΓΟΡΕΥΕΤΑΙ Η ΠΕΡΙΦΟΡΑ ΔΙΣΚΩΝ ΕΙΣ ΤΟΥΣ ΝΑΟΥΣ

ΑΘΗΝΑΙ, 17.— Κατόπιν άποφάσεως τής Ιεράς Συνόδου άπαγορεύεται ή περιφορά δίσκων είς τούς ναούς κατά τήν ώραν τής θείας λειτουργίας, πλήν τών περιπτώσεων καθ' άς έχει δοθή σχετική άδεια ύπό τού οίκείου Μητροπολίτου.

ΣΥΜΜΕΤΟΧΗ ΤΟΥ ΕΟΤ ΕΙΣ ΕΚΘΕΣΙΝ ΤΗΣ ΝΟΡΒΗΓΙΑΣ

ΑΘΗΝΑΙ, 17.— Υπό τού ΕΟΤ άπεφασίσθη ή συμμετοχή του είς τήν Διεθνή Έκθεσιν Τουρισμού τού Όσλο, ή όποία θά λάβη χώραν άπό 4 έως 14 Απριλίου 1968.

ΑΝΩΦΕΛΗΣ Η ΠΡΟΣΠΑΘΕΙΑ ΑΝΤΙΚΑΤΑΣΤΑΣΕΩΣ ΤΟΥ ΔΙΕΘΝΟΥΣ ΝΟΜΙΣΜΑΤΙΚΟΥ ΣΥΣΤΗΜΑΤΟΣ ΚΑΤΑ ΤΟΝ ΕΛΒΕΤΟΝ ΥΠΟΥΡΓΟΝ ΟΙΚΟΝΟΜΙΚΩΝ

ΒΕΡΝΗ, 17 (Ασσ. Πρές).— Ό Ελβετός ύπουργός Οικονομικών κ. Νέλλο Σέλιο έδήλωσεν ότι ή προσπάθεια άντικαταστάσεως τού σημερινού διεθνούς νομισματικού συστήματος είναι άνωφελής. Ό κ. Σέλιο προσέθεσεν ότι ή Ελβετία θά συνεχίση νά ύποστηρίζη τήν σταθερότητα τών νομισμάτων.

ΕΥΧΑΡΙΣΤΗΡΙΟΝ ΤΗΛΕΓΡΑΦΗΜΑ ΤΗΣ ΙΕΡΑΣ ΣΥΝΟΔΟΥ ΠΡΟΣ ΤΟΝ ΠΡΟΕΔΡΟΝ ΚΥΒΕΡΝΗΣΕΩΣ κ. ΠΑΠΑΔΟΠΟΥΛΟΝ

ΑΘΗΝΑΙ, 17.— Ή Ιερά σύνοδος τής Εκκλησίας τής Ελλάδος άπέστειλε πρός τόν Πρόεδρον τής Κυβερνήσεως κ. Γεώργιον Παπαδόπουλον εύχαριστήριον τηλεγράφημα διά τήν λήψιν μέτρων ύπέρ τού κλήρου καί τής Εκκλησίας.

ΜΕΓΑΛΗ ΣΥΣΚΕΨΙΣ ΕΙΣ ΤΗΝ ΘΕΣΣΑΛΟΝΙΚΗΝ ΔΙ' ΕΚΚΡΕΜΗ ΘΕΜΑΤΑ ΤΩΝ ΣΙΔΗΡΟΔΡΟΜΙΚΩΝ

Υπό τήν προεδρίαν τού Αντιπροέδρου τού ΣΕΚ κ. Παπαλούκα έπραγματοποιήθη είς τήν Θεσσαλονίκην μεγάλη σύσκεψις τών σιδηροδρομικών ύπαλλήλων, κατά τήν όποίαν συνεζητήθησαν τά έκκρεμή θέματα τού κλάδου. Αί άποφάσεις θά ύποβληθούν είς τήν ήγεσίαν τού Όργανισμού.

Ό κ. Παπαλούκας έξήρε τό έργον τών σιδηροδρομικών καί ύπεσχέθη τήν συμπαράστασιν τής Όμοσπονδίας διά τήν έπίλυσιν τών προβλημάτων των.

ΠΟΛΛΑΣ ΦΩΤΟΓΡΑΦΙΑΣ ΤΗΣ ΣΕΛΗΝΗΣ ΘΑ ΛΑΒΟΥΝ ΟΙ ΤΡΕΙΣ ΑΣΤΡΟΝΑΥΤΑΙ ΚΑΤΑ ΤΗΝ ΠΤΗΣΙΝ ΤΩΝ
ΣΥΝΕΧΕΙΑ ΕΚ ΤΗΣ 1ΗΣ ΣΕΛ.

τήν διάρκειαν τής πτήσεως πρός τήν Σελήνην οί τρείς άστροναύται θά λάβουν πολλάς φωτογραφίας τής έπιφανείας της, αί όποίαι θά χρησιμοποιηθούν διά τήν έπιλογήν τού τόπου προσεληνώσεως τών μελλοντικών άποστολών. Ή πτήσις θά διαρκέση περίπου έξ ήμέρας.

Οί άστροναύται θά πραγματοποιήσουν δέκα περιστροφάς πέριξ τής Σελήνης καί θά μεταδώσουν τηλεοπτικάς εικόνας πρός τήν Γήν. Κατά τήν έπιστροφήν θά προσθαλασσωθούν είς τόν Ειρηνικόν Ωκεανόν.

ΝΕΟΣ ΡΩΣΣΙΚΟΣ ΔΟΡΥΦΟΡΟΣ

ΜΟΣΧΑ, 17 (Γαλλ. Πρές).— Ή Σοβιετική Ένωσις έξετόξευσε σήμερον νέον τεχνητόν δορυφόρον τής σειράς «Κόσμος». Τά όργανα τού δορυφόρου λειτουργούν κανονικώς.

ΠΙΣΤΗ ΕΙΣ ΤΗΝ ΑΤΛΑΝΤΙΚΗΝ ΣΥΜΜΑΧΙΑΝ Η ΚΥΒΕΡΝΗΣΙΣ ΣΥΝΑΣΠΙΣΜΟΥ ΤΗΣ ΙΤΑΛΙΑΣ
ΣΥΝΕΧΕΙΑ ΕΚ ΤΗΣ 1ΗΣ ΣΕΛ.

Ή νέα κυβέρνησις συνασπισμού τής Ιταλίας, ύπό τόν κ. Ρούμορ, έδήλωσεν ότι θά παραμείνη πιστή είς τάς ύποχρεώσεις της πρός τήν Ατλαντικήν Συμμαχίαν καί θά συνεχίση τήν πολιτικήν τής εύρωπαϊκής ένοποιήσεως.

ΠΙΣΤΗ ΕΙΣ ΤΟ ΝΑΤΟ

ΡΩΜΗ, 17 (Ασσ. Πρές).— Ό νέος Ιταλός ύπουργός Εξωτερικών έδήλωσεν ότι ή Ιταλία θά παραμείνη πιστή είς τό ΝΑΤΟ.

ΔΙΑΔΟΧΙΚΑΙ ΑΝΑΤΡΟΠΑΙ ΚΑΙ ΣΥΓΚΡΟΥΣΕΙΣ ΕΙΣ ΤΟ ΡΑΛΛΥ ΑΠΟ ΛΟΝΔΙΝΟΝ ΕΙΣ ΣΙΔΝΕΥ
ΣΥΝΕΧΕΙΑ ΕΚ ΤΗΣ 1ΗΣ ΣΕΛ.

διοργανώθη είς τήν πατρίδα του, άπό τό Λονδίνον μέχρι τό Σίδνεϋ. Κατά τήν διαδρομήν σημειώθησαν πολλαί άνατροπαί καί συγκρούσεις αύτοκινήτων, χωρίς όμως νά υπάρξουν σοβαρά άτυχήματα. Τά αύτοκίνητα θά διανύσουν άπόστασιν 16.000 χιλιομέτρων.

Τό έπαθλον τού νικητού άνέρχεται είς 10.000 στερλίνας, ένώ οί οδηγοί θά διέλθουν διά 12 χωρών.
